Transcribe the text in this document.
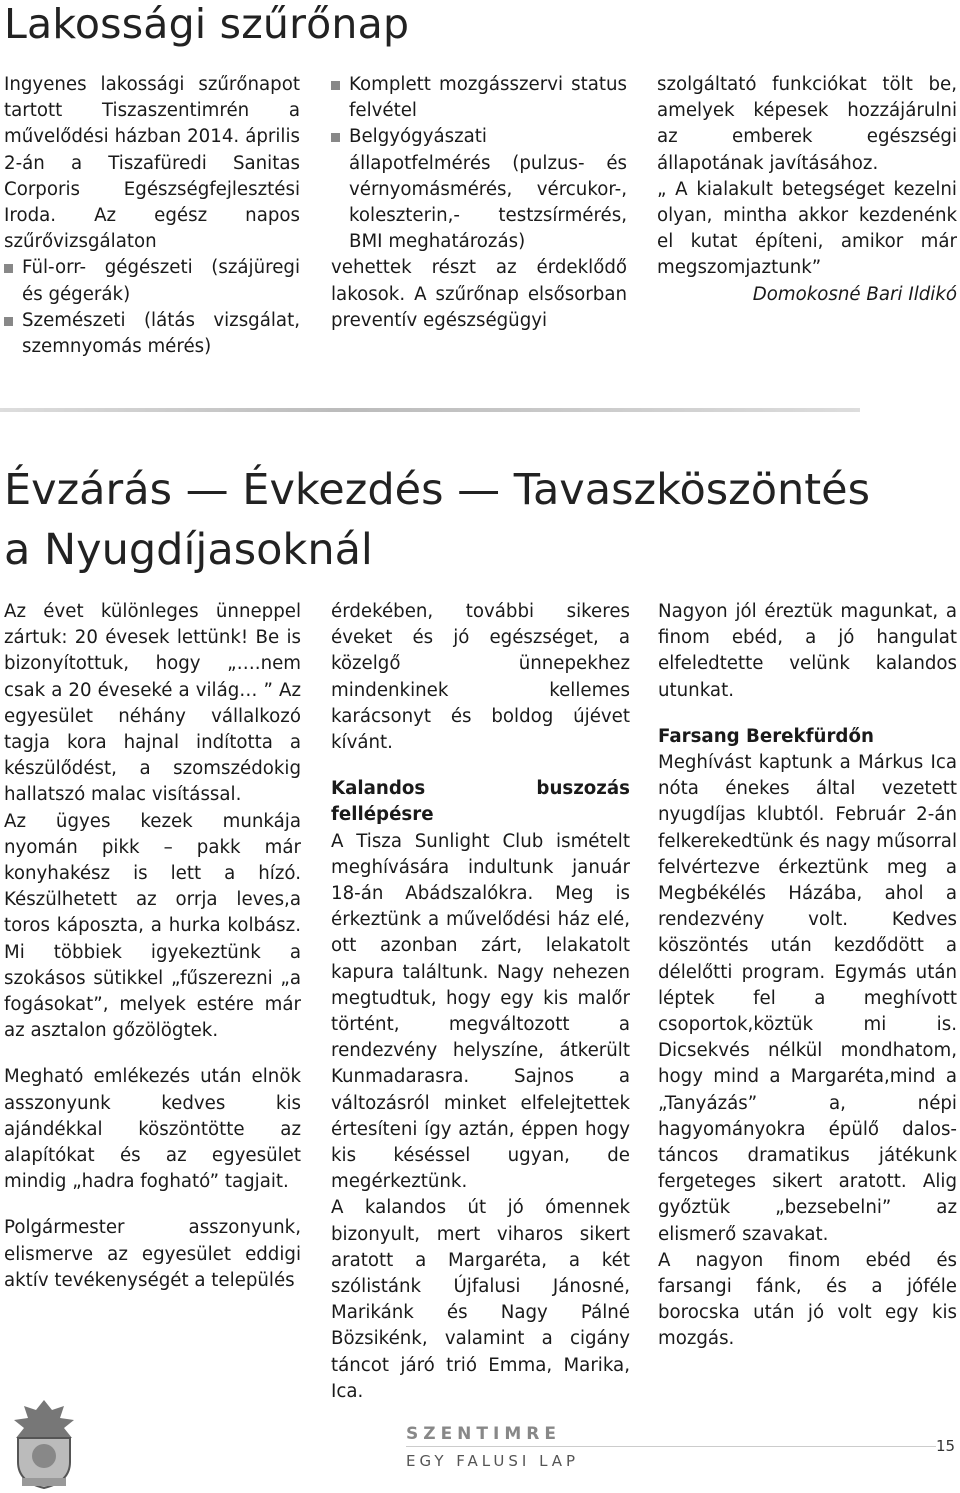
Lakossági szűrőnap

Ingyenes lakossági szűrőnapot tartott Tiszaszentimrén a művelődési házban 2014. április 2-án a Tiszafüredi Sanitas Corporis Egészségfejlesztési Iroda. Az egész napos szűrővizsgálaton

Fül-orr- gégészeti (szájüregi és gégerák)

Szemészeti (látás vizsgálat, szemnyomás mérés)

Komplett mozgásszervi status felvétel

Belgyógyászati állapotfelmérés (pulzus- és vérnyomásmérés, vércukor-, koleszterin,- testzsírmérés, BMI meghatározás)

vehettek részt az érdeklődő lakosok. A szűrőnap elsősorban preventív egészségügyi

szolgáltató funkciókat tölt be, amelyek képesek hozzájárulni az emberek egészségi állapotának javításához.

„ A kialakult betegséget kezelni olyan, mintha akkor kezdenénk el kutat építeni, amikor már megszomjaztunk”

Domokosné Bari Ildikó

Évzárás — Évkezdés — Tavaszköszöntés
a Nyugdíjasoknál

Az évet különleges ünneppel zártuk: 20 évesek lettünk! Be is bizonyítottuk, hogy „….nem csak a 20 éveseké a világ… ” Az egyesület néhány vállalkozó tagja kora hajnal indította a készülődést, a szomszédokig hallatszó malac visítással.

Az ügyes kezek munkája nyomán pikk – pakk már konyhakész is lett a hízó. Készülhetett az orrja leves,a toros káposzta, a hurka kolbász. Mi többiek igyekeztünk a szokásos sütikkel „fűszerezni „a fogásokat”, melyek estére már az asztalon gőzölögtek.

Megható emlékezés után elnök asszonyunk kedves kis ajándékkal köszöntötte az alapítókat és az egyesület mindig „hadra fogható” tagjait.

Polgármester asszonyunk, elismerve az egyesület eddigi aktív tevékenységét a település

érdekében, további sikeres éveket és jó egészséget, a közelgő ünnepekhez mindenkinek kellemes karácsonyt és boldog újévet kívánt.

Kalandos buszozás fellépésre

A Tisza Sunlight Club ismételt meghívására indultunk január 18-án Abádszalókra. Meg is érkeztünk a művelődési ház elé, ott azonban zárt, lelakatolt kapura találtunk. Nagy nehezen megtudtuk, hogy egy kis malőr történt, megváltozott a rendezvény helyszíne, átkerült Kunmadarasra. Sajnos a változásról minket elfelejtettek értesíteni így aztán, éppen hogy kis késéssel ugyan, de megérkeztünk.

A kalandos út jó ómennek bizonyult, mert viharos sikert aratott a Margaréta, a két szólistánk Újfalusi Jánosné, Marikánk és Nagy Pálné Bözsikénk, valamint a cigány táncot járó trió Emma, Marika, Ica.

Nagyon jól éreztük magunkat, a finom ebéd, a jó hangulat elfeledtette velünk kalandos utunkat.

Farsang Berekfürdőn

Meghívást kaptunk a Márkus Ica nóta énekes által vezetett nyugdíjas klubtól. Február 2-án felkerekedtünk és nagy műsorral felvértezve érkeztünk meg a Megbékélés Házába, ahol a rendezvény volt. Kedves köszöntés után kezdődött a délelőtti program. Egymás után léptek fel a meghívott csoportok,köztük mi is. Dicsekvés nélkül mondhatom, hogy mind a Margaréta,mind a „Tanyázás” a, népi hagyományokra épülő dalos-táncos dramatikus játékunk fergeteges sikert aratott. Alig győztük „bezsebelni” az elismerő szavakat.

A nagyon finom ebéd és farsangi fánk, és a jóféle borocska után jó volt egy kis mozgás.

SZENTIMRE
EGY FALUSI LAP
15
